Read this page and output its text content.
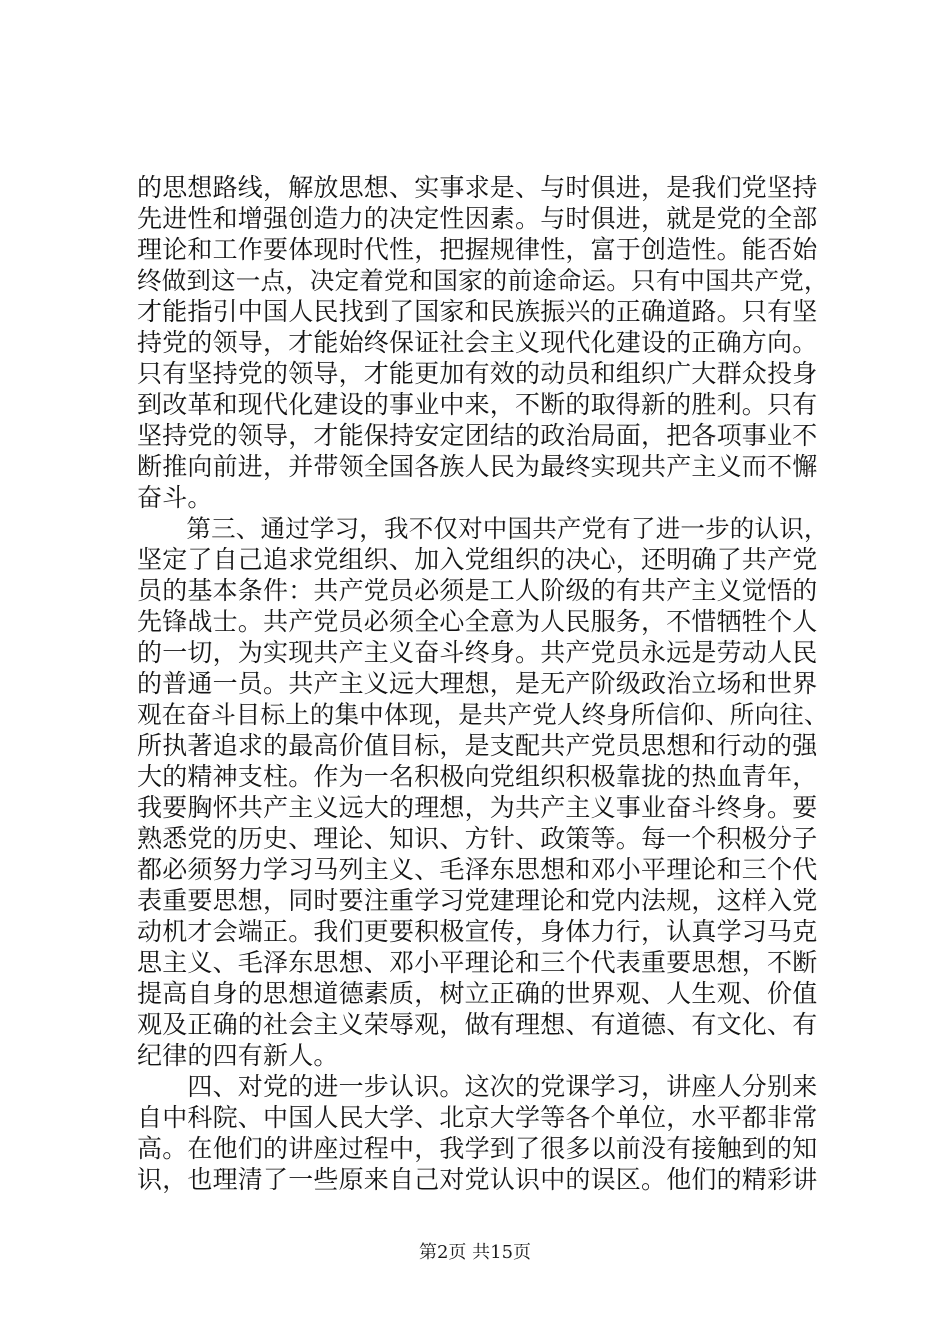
的思想路线，解放思想、实事求是、与时俱进，是我们党坚持
先进性和增强创造力的决定性因素。与时俱进，就是党的全部
理论和工作要体现时代性，把握规律性，富于创造性。能否始
终做到这一点，决定着党和国家的前途命运。只有中国共产党，
才能指引中国人民找到了国家和民族振兴的正确道路。只有坚
持党的领导，才能始终保证社会主义现代化建设的正确方向。
只有坚持党的领导，才能更加有效的动员和组织广大群众投身
到改革和现代化建设的事业中来，不断的取得新的胜利。只有
坚持党的领导，才能保持安定团结的政治局面，把各项事业不
断推向前进，并带领全国各族人民为最终实现共产主义而不懈
奋斗。
　　第三、通过学习，我不仅对中国共产党有了进一步的认识，
坚定了自己追求党组织、加入党组织的决心，还明确了共产党
员的基本条件：共产党员必须是工人阶级的有共产主义觉悟的
先锋战士。共产党员必须全心全意为人民服务，不惜牺牲个人
的一切，为实现共产主义奋斗终身。共产党员永远是劳动人民
的普通一员。共产主义远大理想，是无产阶级政治立场和世界
观在奋斗目标上的集中体现，是共产党人终身所信仰、所向往、
所执著追求的最高价值目标，是支配共产党员思想和行动的强
大的精神支柱。作为一名积极向党组织积极靠拢的热血青年，
我要胸怀共产主义远大的理想，为共产主义事业奋斗终身。要
熟悉党的历史、理论、知识、方针、政策等。每一个积极分子
都必须努力学习马列主义、毛泽东思想和邓小平理论和三个代
表重要思想，同时要注重学习党建理论和党内法规，这样入党
动机才会端正。我们更要积极宣传，身体力行，认真学习马克
思主义、毛泽东思想、邓小平理论和三个代表重要思想，不断
提高自身的思想道德素质，树立正确的世界观、人生观、价值
观及正确的社会主义荣辱观，做有理想、有道德、有文化、有
纪律的四有新人。
　　四、对党的进一步认识。这次的党课学习，讲座人分别来
自中科院、中国人民大学、北京大学等各个单位，水平都非常
高。在他们的讲座过程中，我学到了很多以前没有接触到的知
识，也理清了一些原来自己对党认识中的误区。他们的精彩讲
第2页 共15页
